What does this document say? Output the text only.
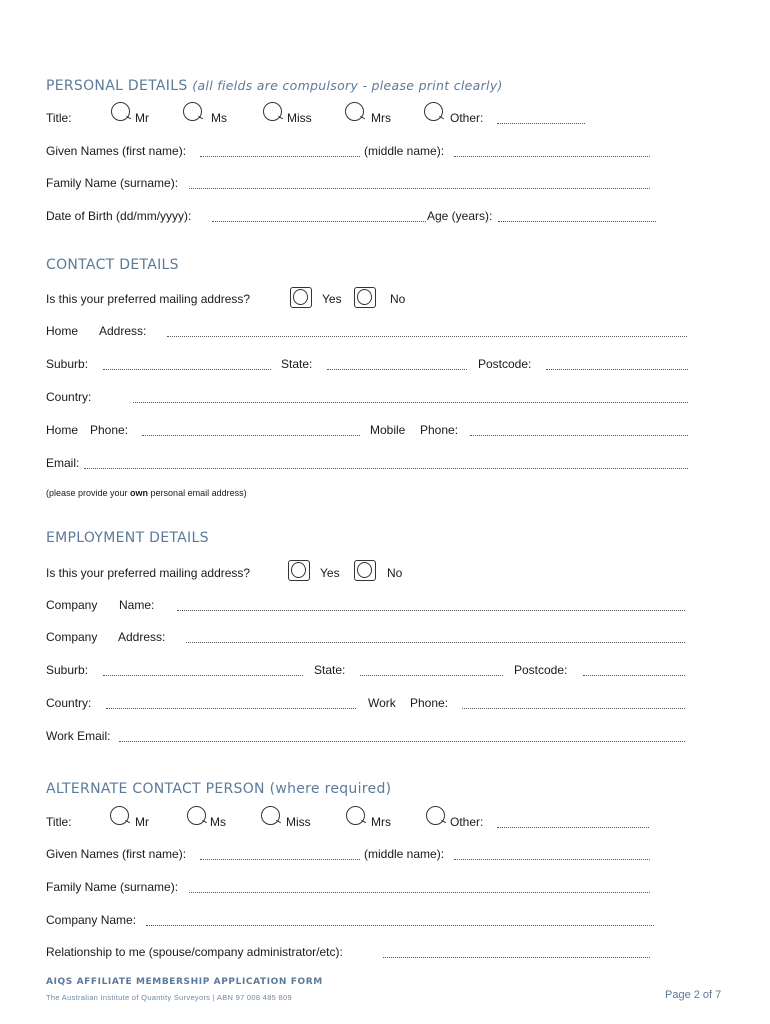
PERSONAL DETAILS (all fields are compulsory - please print clearly)
Title:	Mr	Ms	Miss	Mrs	Other:
Given Names (first name):	(middle name):
Family Name (surname):
Date of Birth (dd/mm/yyyy):	Age (years):
CONTACT DETAILS
Is this your preferred mailing address?	Yes	No
Home Address:
Suburb:	State:	Postcode:
Country:
Home Phone:	Mobile Phone:
Email:
(please provide your own personal email address)
EMPLOYMENT DETAILS
Is this your preferred mailing address?	Yes	No
Company Name:
Company Address:
Suburb:	State:	Postcode:
Country:	Work Phone:
Work Email:
ALTERNATE CONTACT PERSON (where required)
Title:	Mr	Ms	Miss	Mrs	Other:
Given Names (first name):	(middle name):
Family Name (surname):
Company Name:
Relationship to me (spouse/company administrator/etc):
AIQS AFFILIATE MEMBERSHIP APPLICATION FORM
The Australian Institute of Quantity Surveyors | ABN 97 008 485 809	Page 2 of 7
